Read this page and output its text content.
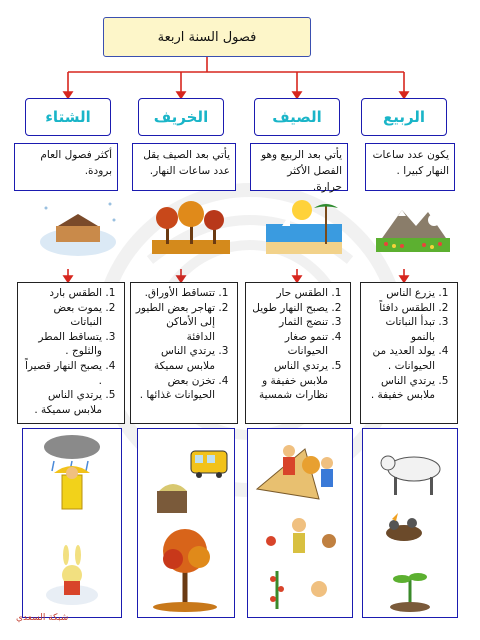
فصول السنة اربعة
الربيع
الصيف
الخريف
الشتاء
يكون عدد ساعات النهار كبيرا .
يأتي بعد الربيع وهو الفصل الأكثر حرارة.
يأتي بعد الصيف يقل عدد ساعات النهار.
أكثر فصول العام برودة.
1. يزرع الناس
2. الطقس دافئاً
3. تبدأ النباتات بالنمو
4. يولد العديد من الحيوانات .
5. يرتدي الناس ملابس خفيفة .
1. الطقس حار
2. يصبح النهار طويل
3. تنضج الثمار
4. تنمو صغار الحيوانات
5. يرتدي الناس ملابس خفيفة و نظارات شمسية
1. تتساقط الأوراق.
2. تهاجر بعض الطيور إلى الأماكن الدافئة
3. يرتدي الناس ملابس سميكة
4. تخزن بعض الحيوانات غذائها .
1. الطقس بارد
2. يموت بعض النباتات
3. يتساقط المطر والثلوج .
4. يصبح النهار قصيراً .
5. يرتدي الناس ملابس سميكة .
شبكة السعدي
